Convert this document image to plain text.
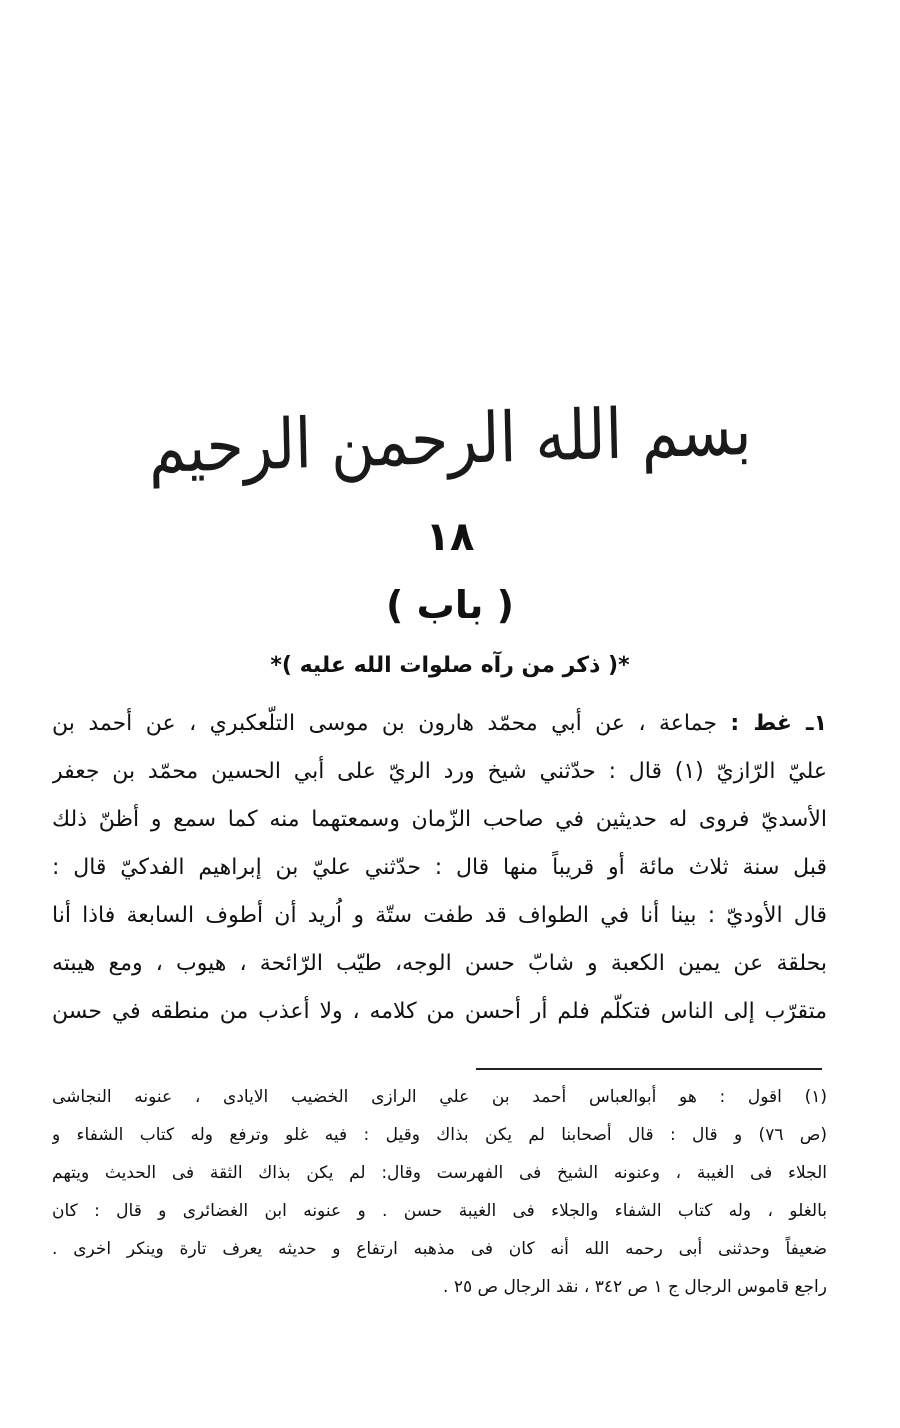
بسم الله الرحمن الرحيم
١٨
( باب )
*( ذكر من رآه صلوات الله عليه )*
١ـ غط : جماعة ، عن أبي محمّد هارون بن موسى التلّعكبري ، عن أحمد بن
عليّ الرّازيّ (١) قال : حدّثني شيخ ورد الريّ على أبي الحسين محمّد بن جعفر
الأسديّ فروى له حديثين في صاحب الزّمان وسمعتهما منه كما سمع و أظنّ ذلك
قبل سنة ثلاث مائة أو قريباً منها قال : حدّثني عليّ بن إبراهيم الفدكيّ قال :
قال الأوديّ : بينا أنا في الطواف قد طفت ستّة و اُريد أن أطوف السابعة فاذا أنا
بحلقة عن يمين الكعبة و شابّ حسن الوجه، طيّب الرّائحة ، هيوب ، ومع هيبته
متقرّب إلى الناس فتكلّم فلم أر أحسن من كلامه ، ولا أعذب من منطقه في حسن
(١) اقول : هو أبوالعباس أحمد بن علي الرازى الخضيب الايادى ، عنونه النجاشى
(ص ٧٦) و قال : قال أصحابنا لم يكن بذاك وقيل : فيه غلو وترفع وله كتاب الشفاء و
الجلاء فى الغيبة ، وعنونه الشيخ فى الفهرست وقال: لم يكن بذاك الثقة فى الحديث ويتهم
بالغلو ، وله كتاب الشفاء والجلاء فى الغيبة حسن . و عنونه ابن الغضائرى و قال : كان
ضعيفاً وحدثنى أبى رحمه الله أنه كان فى مذهبه ارتفاع و حديثه يعرف تارة وينكر اخرى .
راجع قاموس الرجال ج ١ ص ٣٤٢ ، نقد الرجال ص ٢٥ .
